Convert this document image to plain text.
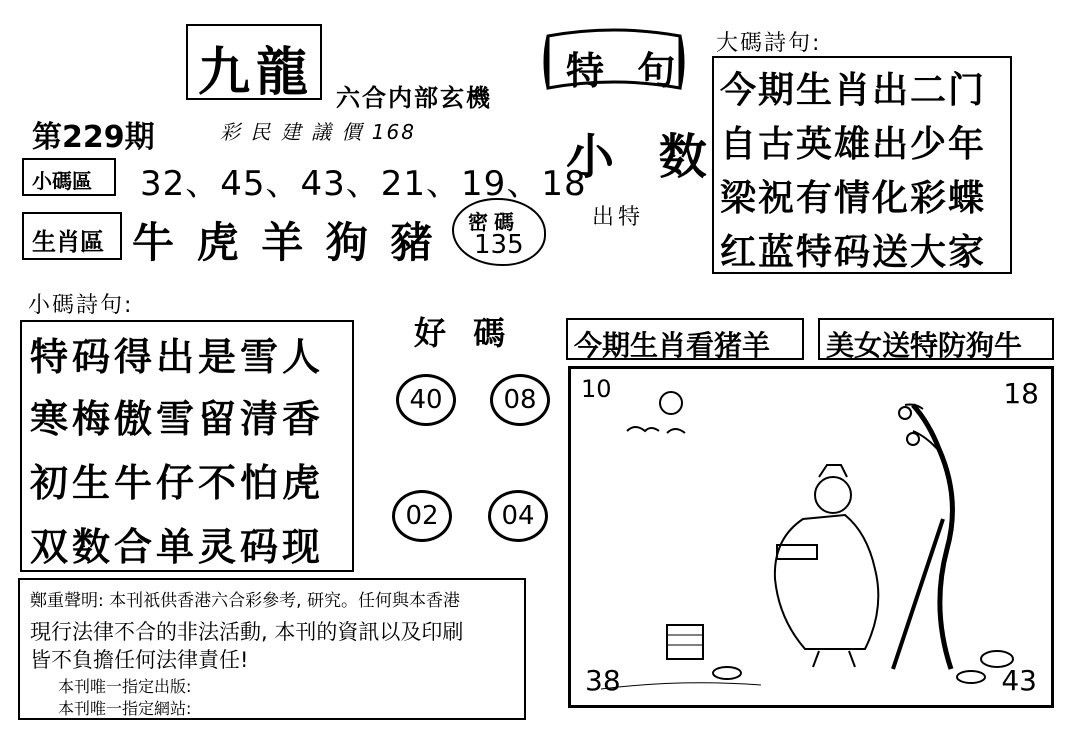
九龍 六合内部玄機
彩 民 建 議 價 168
第229期
小碼區 32、45、43、21、19、18
生肖區 牛 虎 羊 狗 豬 密碼
135
特 句
小 数
出特
大碼詩句:
今期生肖出二门
自古英雄出少年
梁祝有情化彩蝶
红蓝特码送大家
小碼詩句:
特码得出是雪人
寒梅傲雪留清香
初生牛仔不怕虎
双数合单灵码现
好 碼
40	08
02	04
今期生肖看猪羊 美女送特防狗牛
10	18
38	43
鄭重聲明: 本刊祇供香港六合彩參考, 研究。任何與本香港
現行法律不合的非法活動, 本刊的資訊以及印刷
皆不負擔任何法律責任!
本刊唯一指定出版:
本刊唯一指定網站:
